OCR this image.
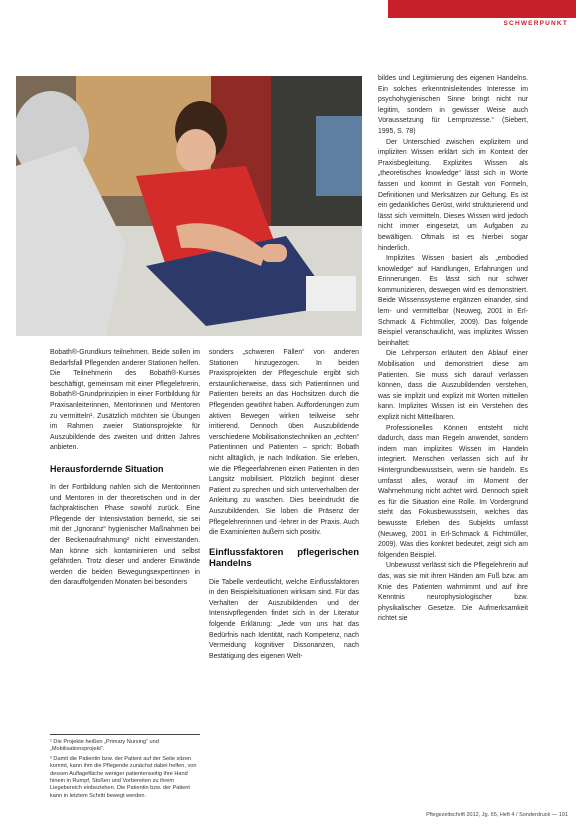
SCHWERPUNKT

Bobath®-Grundkurs teilnehmen. Beide sollen im Bedarfsfall Pflegenden anderer Stationen helfen. Die Teilnehmerin des Bobath®-Kurses beschäftigt, gemeinsam mit einer Pflegelehrerin, Bobath®-Grundprinzipien in einer Fortbildung für Praxisanleiterinnen, Mentorinnen und Mentoren zu vermitteln¹. Zusätzlich möchten sie Übungen im Rahmen zweier Stationsprojekte für Auszubildende des zweiten und dritten Jahres anbieten.

Herausfordernde Situation

In der Fortbildung nahlen sich die Mentorinnen und Mentoren in der theoretischen und in der fachpraktischen Phase sowohl zurück. Eine Pflegende der Intensivstation bemerkt, sie sei mit der „Ignoranz“ hygienischer Maßnahmen bei der Beckenaufnahmung² nicht einverstanden. Man könne sich kontaminieren und selbst gefährden. Trotz dieser und anderer Einwände werden die beiden Bewegungsexpertinnen in den darauffolgenden Monaten bei besonders

¹ Die Projekte heißen „Primary Nursing“ und „Mobilisationsprojekt“.

² Damit die Patientin bzw. der Patient auf der Seite sitzen kommt, kann ihm die Pflegende zunächst dabei helfen, von dessen Auflagefläche weniger patientenseitig ihre Hand hinein in Rumpf, Stoßen und Vorbereiten zu ihrem Liegebereich einbeziehen. Die Patientin bzw. der Patient kann in letztem Schritt bewegt werden.

sonders „schweren Fällen“ von anderen Stationen hinzugezogen. In beiden Praxisprojekten der Pflegeschule ergibt sich erstaunlicherweise, dass sich Patientinnen und Patienten bereits an das Hochsitzen durch die Pflegenden gewöhnt haben. Aufforderungen zum aktiven Bewegen wirken teilweise sehr irritierend. Dennoch üben Auszubildende verschiedene Mobilisationstechniken an „echten“ Patientinnen und Patienten – sprich: Bobath nicht alltäglich, je nach Indikation. Sie erleben, wie die Pflegeerfahrenen einen Patienten in den Langsitz mobilisiert. Plötzlich beginnt dieser Patient zu sprechen und sich unterverhalben der Anleitung zu waschen. Dies beeindruckt die Auszubildenden. Sie loben die Präsenz der Pflegelehrerinnen und -lehrer in der Praxis. Auch die Examinierten äußern sich positiv.

Einflussfaktoren pflegerischen Handelns

Die Tabelle verdeutlicht, welche Einflussfaktoren in den Beispielsituationen wirksam sind. Für das Verhalten der Auszubildenden und der Intensivpflegenden findet sich in der Literatur folgende Erklärung: „Jede von uns hat das Bedürfnis nach Identität, nach Kompetenz, nach Vermeidung kognitiver Dissonanzen, nach Bestätigung des eigenen Welt-

bildes und Legitimierung des eigenen Handelns. Ein solches erkenntnisleitendes Interesse im psychohygienischen Sinne bringt nicht nur legitim, sondern in gewisser Weise auch Voraussetzung für Lernprozesse.“ (Siebert, 1995, S. 78)

Der Unterschied zwischen explizitem und impliziten Wissen erklärt sich im Kontext der Praxisbegleitung. Explizites Wissen als „theoretisches knowledge“ lässt sich in Worte fassen und kommt in Gestalt von Formeln, Definitionen und Merksätzen zur Geltung. Es ist ein gedankliches Gerüst, wirkt strukturierend und lässt sich vermitteln. Dieses Wissen wird jedoch nicht immer eingesetzt, um Aufgaben zu bewältigen. Oftmals ist es hierbei sogar hinderlich.

Implizites Wissen basiert als „embodied knowledge“ auf Handlungen, Erfahrungen und Erinnerungen. Es lässt sich nur schwer kommunizieren, deswegen wird es demonstriert. Beide Wissenssysteme ergänzen einander, sind lern- und vermittelbar (Neuweg, 2001 in Erl-Schmack & Fichtmüller, 2009). Das folgende Beispiel veranschaulicht, was implizites Wissen beinhaltet:

Die Lehrperson erläutert den Ablauf einer Mobilisation und demonstriert diese am Patienten. Sie muss sich darauf verlassen können, dass die Auszubildenden verstehen, was sie implizit und explizit mit Worten mitteilen kann. Implizites Wissen ist ein Verstehen des explizit nicht Mitteilbaren.

Professionelles Können entsteht nicht dadurch, dass man Regeln anwendet, sondern indem man implizites Wissen im Handeln integriert. Menschen verlassen sich auf ihr Hintergrundbewusstsein, wenn sie handeln. Es umfasst alles, worauf im Moment der Wahrnehmung nicht achtet wird. Dennoch spielt es für die Situation eine Rolle. Im Vordergrund steht das Fokusbewusstsein, welches das bewusste Erleben des Subjekts umfasst (Neuweg, 2001 in Erl-Schmack & Fichtmüller, 2009). Was dies konkret bedeutet, zeigt sich am folgenden Beispiel.

Unbewusst verlässt sich die Pflegelehrerin auf das, was sie mit ihren Händen am Fuß bzw. am Knie des Patienten wahrnimmt und auf ihre Kenntnis neurophysiologischer bzw. physikalischer Gesetze. Die Aufmerksamkeit richtet sie

Pflegezeitschrift 2012, Jg. 65, Heft 4 / Sonderdruck — 191
